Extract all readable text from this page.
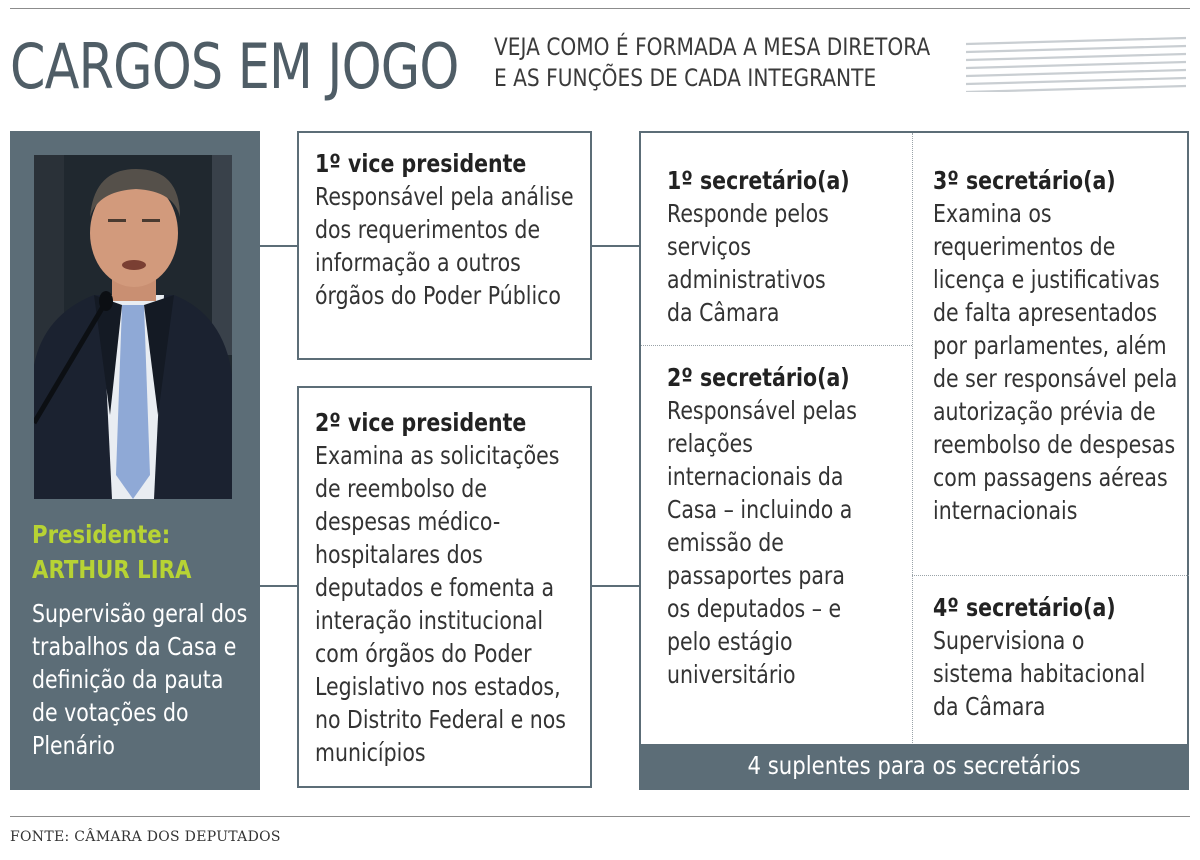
CARGOS EM JOGO VEJA COMO É FORMADA A MESA DIRETORA
E AS FUNÇÕES DE CADA INTEGRANTE
Presidente:
ARTHUR LIRA
Supervisão geral dos trabalhos da Casa e definição da pauta de votações do Plenário
1º vice presidente
Responsável pela análise dos requerimentos de informação a outros órgãos do Poder Público
2º vice presidente
Examina as solicitações de reembolso de despesas médico-hospitalares dos deputados e fomenta a interação institucional com órgãos do Poder Legislativo nos estados, no Distrito Federal e nos municípios
1º secretário(a)
Responde pelos serviços administrativos da Câmara
2º secretário(a)
Responsável pelas relações internacionais da Casa – incluindo a emissão de passaportes para os deputados – e pelo estágio universitário
3º secretário(a)
Examina os requerimentos de licença e justificativas de falta apresentados por parlamentes, além de ser responsável pela autorização prévia de reembolso de despesas com passagens aéreas internacionais
4º secretário(a)
Supervisiona o sistema habitacional da Câmara
4 suplentes para os secretários
FONTE: CÂMARA DOS DEPUTADOS
